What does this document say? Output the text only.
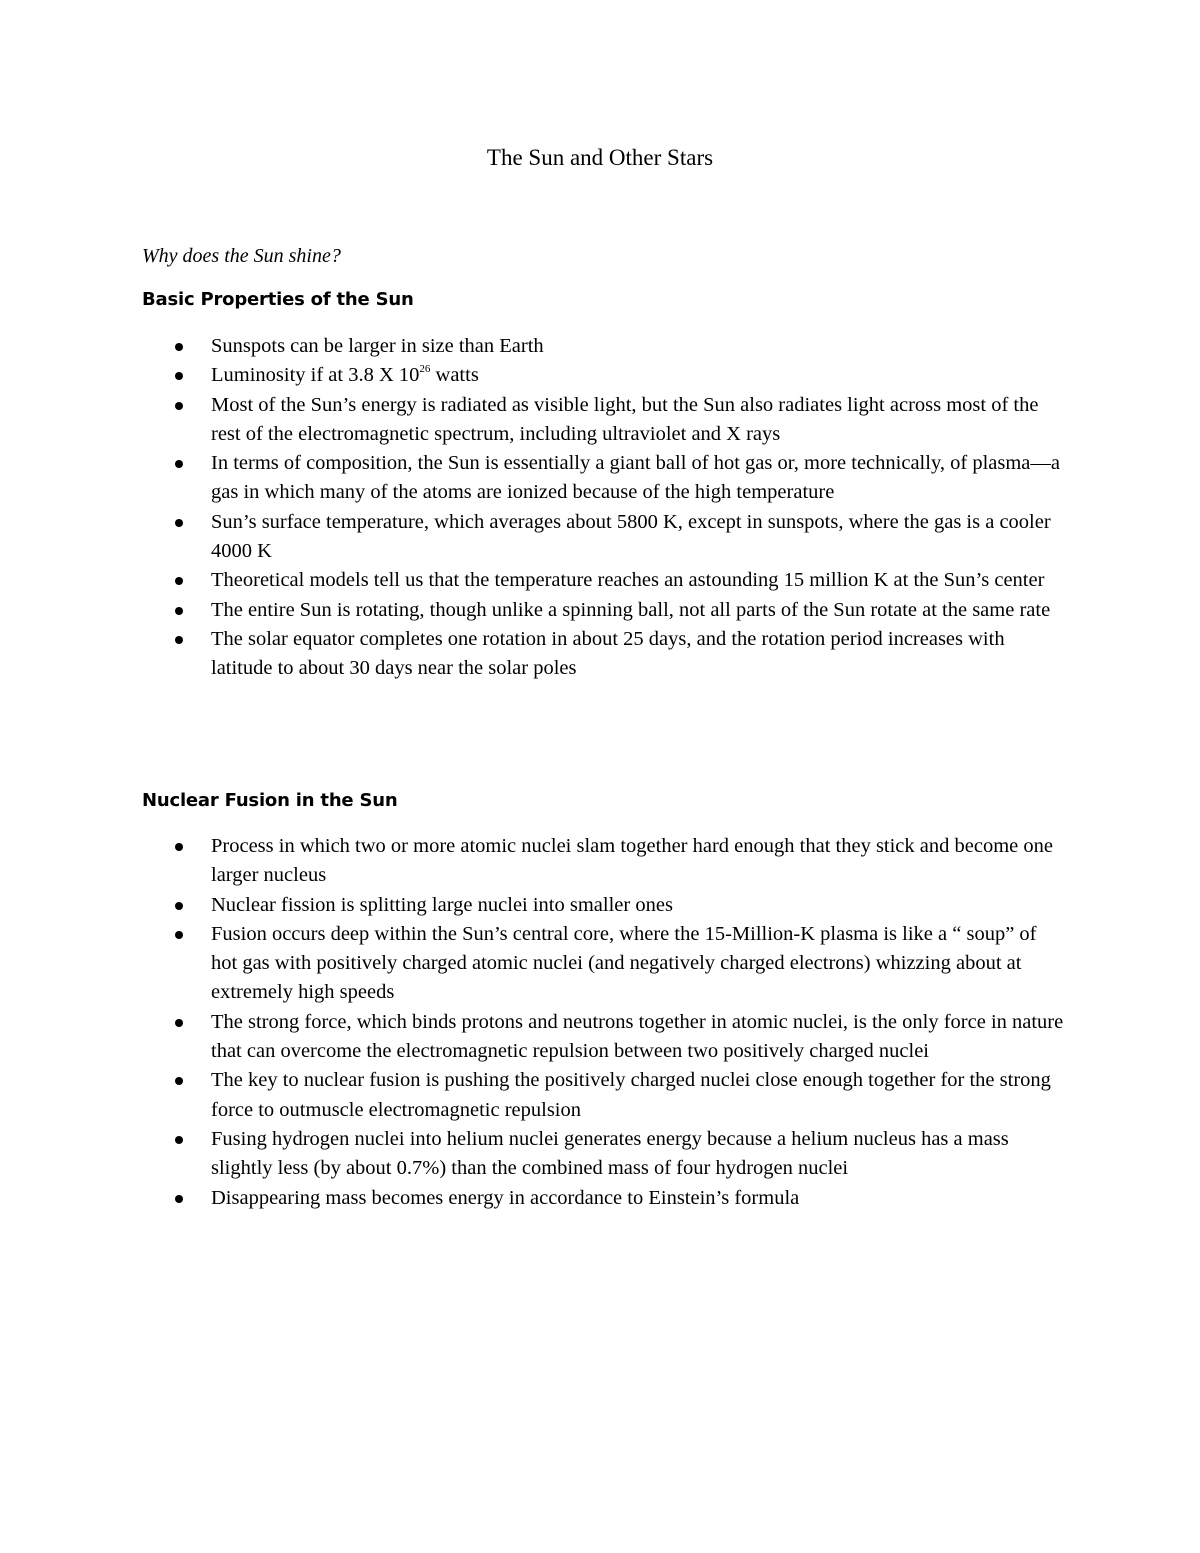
The Sun and Other Stars
Why does the Sun shine?
Basic Properties of the Sun
Sunspots can be larger in size than Earth
Luminosity if at 3.8 X $10^{26}$ watts
Most of the Sun’s energy is radiated as visible light, but the Sun also radiates light across most of the rest of the electromagnetic spectrum, including ultraviolet and X rays
In terms of composition, the Sun is essentially a giant ball of hot gas or, more technically, of plasma—a gas in which many of the atoms are ionized because of the high temperature
Sun’s surface temperature, which averages about 5800 K, except in sunspots, where the gas is a cooler 4000 K
Theoretical models tell us that the temperature reaches an astounding 15 million K at the Sun’s center
The entire Sun is rotating, though unlike a spinning ball, not all parts of the Sun rotate at the same rate
The solar equator completes one rotation in about 25 days, and the rotation period increases with latitude to about 30 days near the solar poles
Nuclear Fusion in the Sun
Process in which two or more atomic nuclei slam together hard enough that they stick and become one larger nucleus
Nuclear fission is splitting large nuclei into smaller ones
Fusion occurs deep within the Sun’s central core, where the 15-Million-K plasma is like a “ soup” of hot gas with positively charged atomic nuclei (and negatively charged electrons) whizzing about at extremely high speeds
The strong force, which binds protons and neutrons together in atomic nuclei, is the only force in nature that can overcome the electromagnetic repulsion between two positively charged nuclei
The key to nuclear fusion is pushing the positively charged nuclei close enough together for the strong force to outmuscle electromagnetic repulsion
Fusing hydrogen nuclei into helium nuclei generates energy because a helium nucleus has a mass slightly less (by about 0.7%) than the combined mass of four hydrogen nuclei
Disappearing mass becomes energy in accordance to Einstein’s formula
